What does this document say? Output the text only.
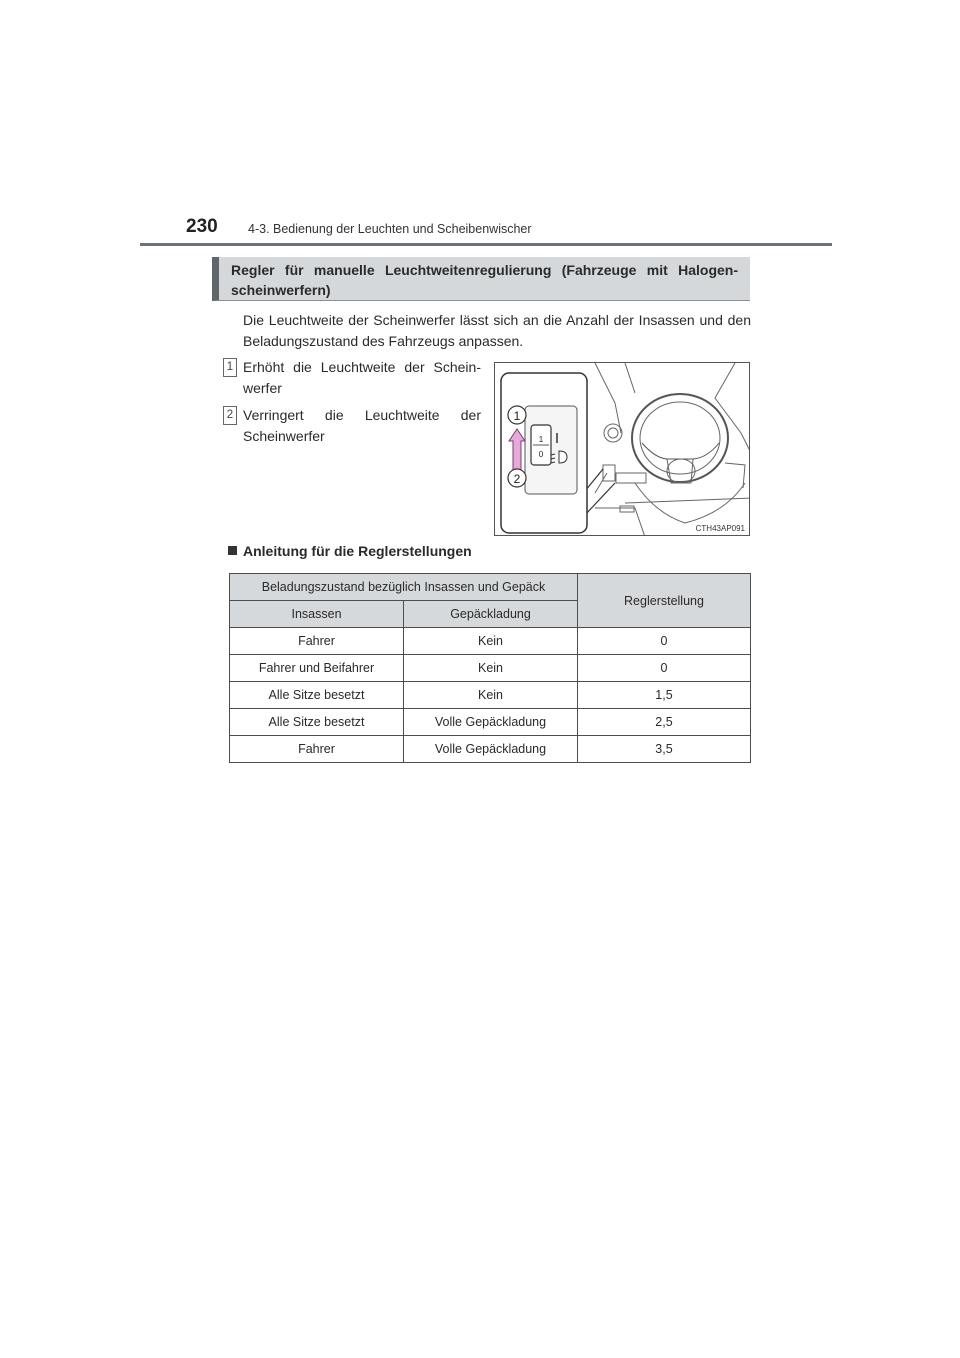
230 4-3. Bedienung der Leuchten und Scheibenwischer
Regler für manuelle Leuchtweitenregulierung (Fahrzeuge mit Halogen-scheinwerfern)
Die Leuchtweite der Scheinwerfer lässt sich an die Anzahl der Insassen und den Beladungszustand des Fahrzeugs anpassen.
1 Erhöht die Leuchtweite der Schein-werfer
2 Verringert die Leuchtweite der Scheinwerfer	1
0
1
2
CTH43AP091
Anleitung für die Reglerstellungen
Beladungszustand bezüglich Insassen und Gepäck		Reglerstellung
Insassen	Gepäckladung	
Fahrer	Kein	0
Fahrer und Beifahrer	Kein	0
Alle Sitze besetzt	Kein	1,5
Alle Sitze besetzt	Volle Gepäckladung	2,5
Fahrer	Volle Gepäckladung	3,5
